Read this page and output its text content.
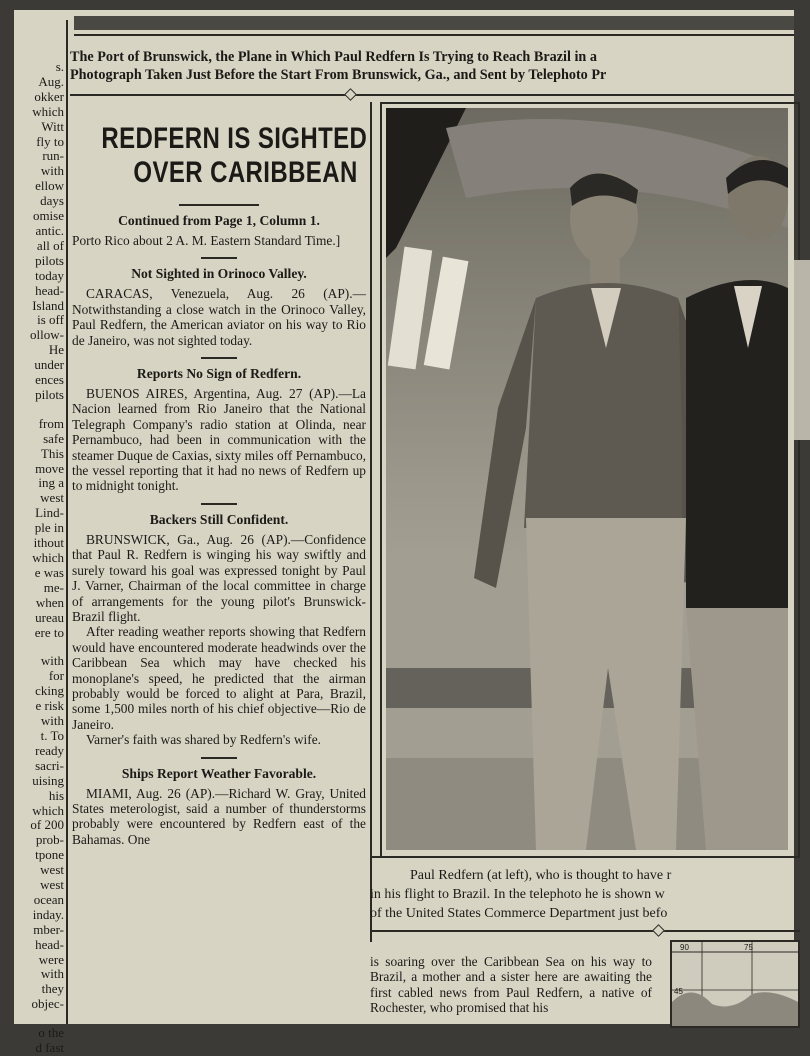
s.
Aug.
okker
which
Witt
fly to
run-
with
ellow
days
omise
antic.
all of
pilots
today
head-
Island
is off
ollow-
He
under
ences
pilots
from
safe
This
move
ing a
west
Lind-
ple in
ithout
which
e was
me-
when
ureau
ere to
with
for
cking
e risk
with
t. To
ready
sacri-
uising
his
which
of 200
prob-
tpone
west
west
ocean
inday.
mber-
head-
were
with
they
objec-
o the
d fast
The Port of Brunswick, the Plane in Which Paul Redfern Is Trying to Reach Brazil in a
Photograph Taken Just Before the Start From Brunswick, Ga., and Sent by Telephoto Pr
REDFERN IS SIGHTED
OVER CARIBBEAN
Continued from Page 1, Column 1.

Porto Rico about 2 A. M. Eastern Standard Time.]

Not Sighted in Orinoco Valley.

CARACAS, Venezuela, Aug. 26 (AP).—Notwithstanding a close watch in the Orinoco Valley, Paul Redfern, the American aviator on his way to Rio de Janeiro, was not sighted today.

Reports No Sign of Redfern.

BUENOS AIRES, Argentina, Aug. 27 (AP).—La Nacion learned from Rio Janeiro that the National Telegraph Company's radio station at Olinda, near Pernambuco, had been in communication with the steamer Duque de Caxias, sixty miles off Pernambuco, the vessel reporting that it had no news of Redfern up to midnight tonight.

Backers Still Confident.

BRUNSWICK, Ga., Aug. 26 (AP).—Confidence that Paul R. Redfern is winging his way swiftly and surely toward his goal was expressed tonight by Paul J. Varner, Chairman of the local committee in charge of arrangements for the young pilot's Brunswick-Brazil flight.

After reading weather reports showing that Redfern would have encountered moderate headwinds over the Caribbean Sea which may have checked his monoplane's speed, he predicted that the airman probably would be forced to alight at Para, Brazil, some 1,500 miles north of his chief objective—Rio de Janeiro.

Varner's faith was shared by Redfern's wife.

Ships Report Weather Favorable.

MIAMI, Aug. 26 (AP).—Richard W. Gray, United States meterologist, said a number of thunderstorms probably were encountered by Redfern east of the Bahamas. One

Paul Redfern (at left), who is thought to have r
in his flight to Brazil. In the telephoto he is shown w
of the United States Commerce Department just befo
is soaring over the Caribbean Sea on his way to Brazil, a mother and a sister here are awaiting the first cabled news from Paul Redfern, a native of Rochester, who promised that his
90	75
45
